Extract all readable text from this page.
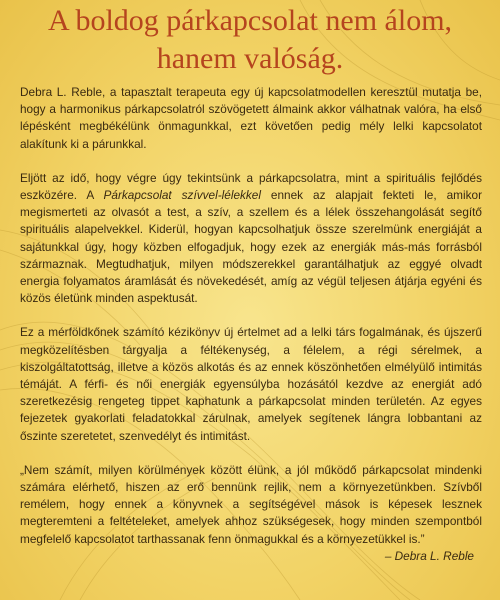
A boldog párkapcsolat nem álom,
hanem valóság.

Debra L. Reble, a tapasztalt terapeuta egy új kapcsolatmodellen keresztül mutatja be, hogy a harmonikus párkapcsolatról szövögetett álmaink akkor válhatnak valóra, ha első lépésként megbékélünk önmagunkkal, ezt követően pedig mély lelki kapcsolatot alakítunk ki a párunkkal.

Eljött az idő, hogy végre úgy tekintsünk a párkapcsolatra, mint a spirituális fejlődés eszközére. A Párkapcsolat szívvel-lélekkel ennek az alapjait fekteti le, amikor megismerteti az olvasót a test, a szív, a szellem és a lélek összehangolását segítő spirituális alapelvekkel. Kiderül, hogyan kapcsolhatjuk össze szerelmünk energiáját a sajátunkkal úgy, hogy közben elfogadjuk, hogy ezek az energiák más-más forrásból származnak. Megtudhatjuk, milyen módszerekkel garantálhatjuk az eggyé olvadt energia folyamatos áramlását és növekedését, amíg az végül teljesen átjárja egyéni és közös életünk minden aspektusát.

Ez a mérföldkőnek számító kézikönyv új értelmet ad a lelki társ fogalmának, és újszerű megközelítésben tárgyalja a féltékenység, a félelem, a régi sérelmek, a kiszolgáltatottság, illetve a közös alkotás és az ennek köszönhetően elmélyülő intimitás témáját. A férfi- és női energiák egyensúlyba hozásától kezdve az energiát adó szeretkezésig rengeteg tippet kaphatunk a párkapcsolat minden területén. Az egyes fejezetek gyakorlati feladatokkal zárulnak, amelyek segítenek lángra lobbantani az őszinte szeretetet, szenvedélyt és intimitást.

„Nem számít, milyen körülmények között élünk, a jól működő párkapcsolat mindenki számára elérhető, hiszen az erő bennünk rejlik, nem a környezetünkben. Szívből remélem, hogy ennek a könyvnek a segítségével mások is képesek lesznek megteremteni a feltételeket, amelyek ahhoz szükségesek, hogy minden szempontból megfelelő kapcsolatot tarthassanak fenn önmagukkal és a környezetükkel is.”

– Debra L. Reble
